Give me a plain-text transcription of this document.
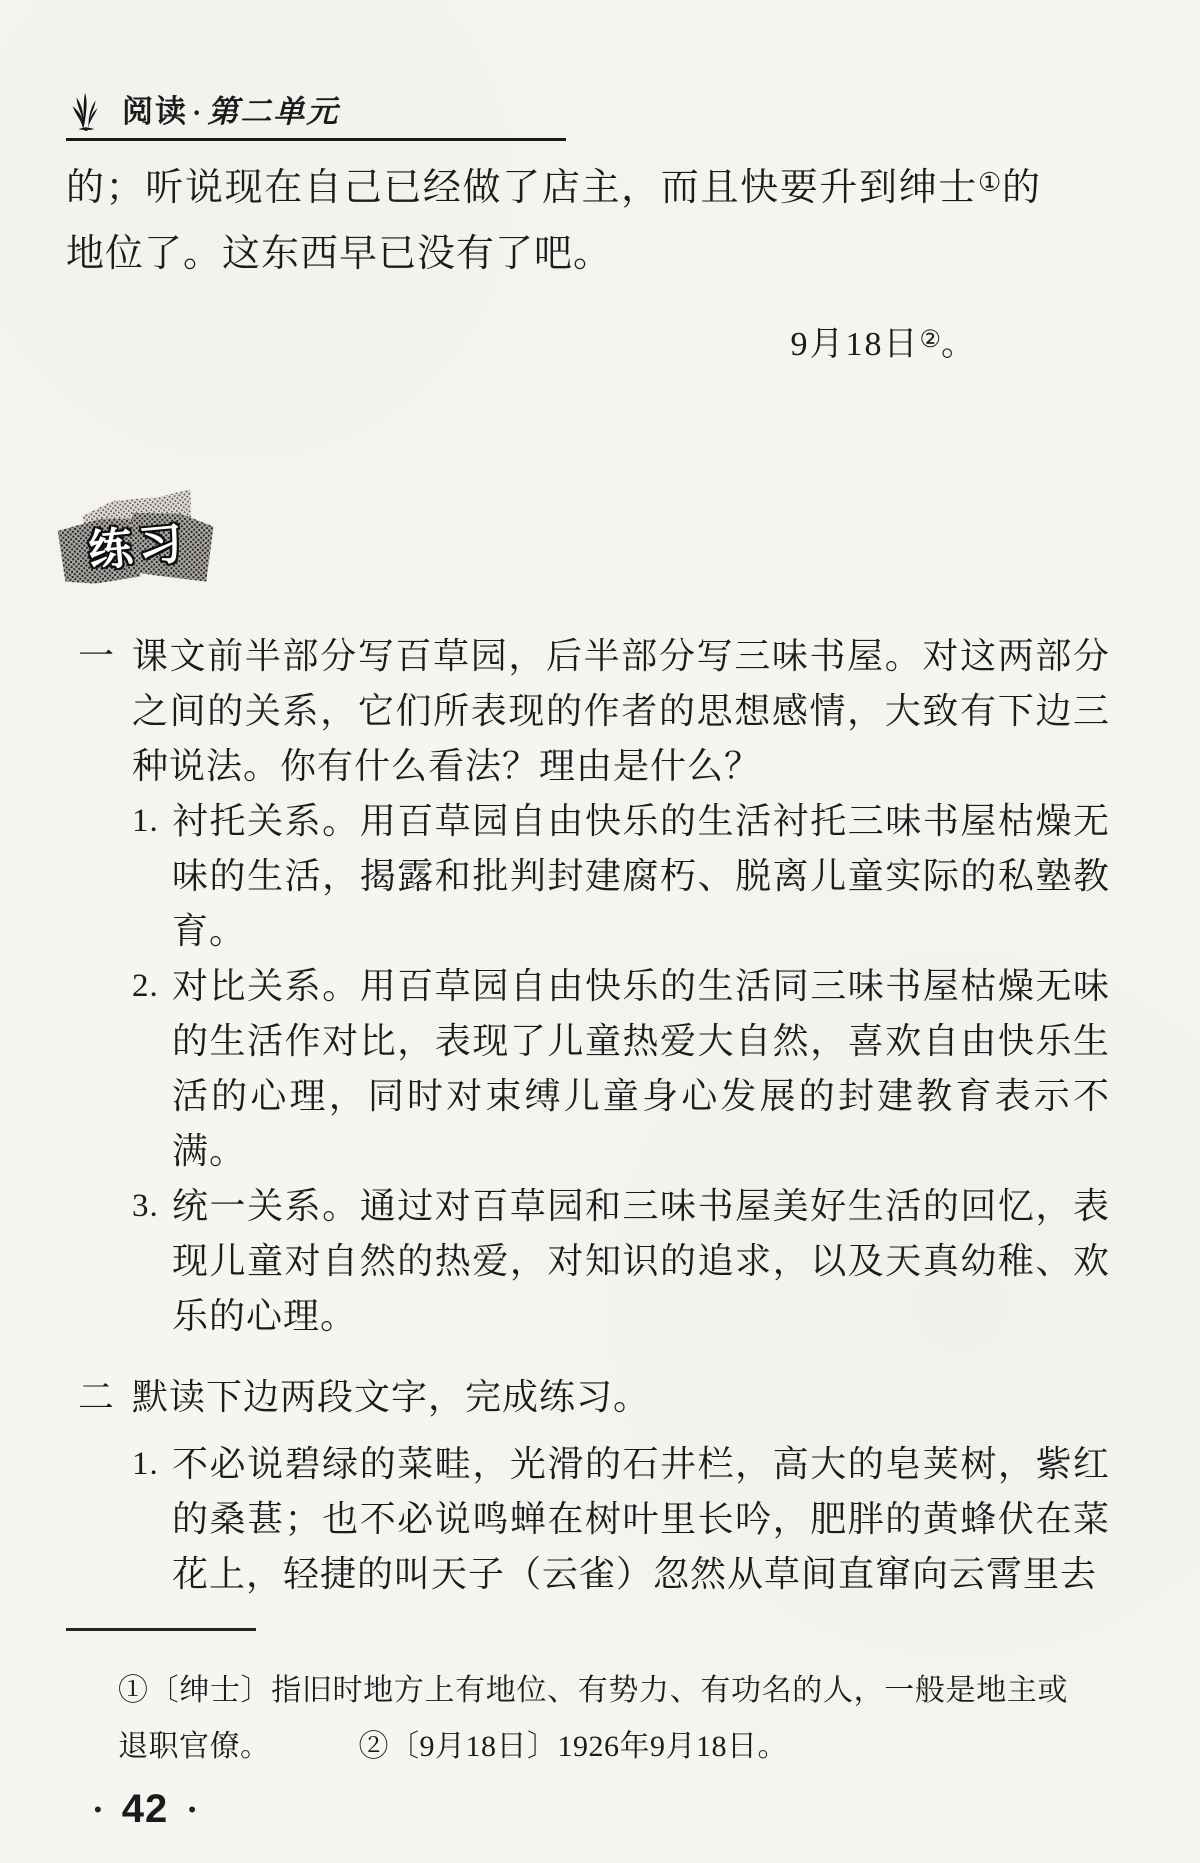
阅读 · 第二单元

的；听说现在自己已经做了店主，而且快要升到绅士①的地位了。这东西早已没有了吧。

9月18日②。

练习
一 课文前半部分写百草园，后半部分写三味书屋。对这两部分之间的关系，它们所表现的作者的思想感情，大致有下边三种说法。你有什么看法？理由是什么？

1. 衬托关系。用百草园自由快乐的生活衬托三味书屋枯燥无味的生活，揭露和批判封建腐朽、脱离儿童实际的私塾教育。

2. 对比关系。用百草园自由快乐的生活同三味书屋枯燥无味的生活作对比，表现了儿童热爱大自然，喜欢自由快乐生活的心理，同时对束缚儿童身心发展的封建教育表示不满。

3. 统一关系。通过对百草园和三味书屋美好生活的回忆，表现儿童对自然的热爱，对知识的追求，以及天真幼稚、欢乐的心理。

二 默读下边两段文字，完成练习。

1. 不必说碧绿的菜畦，光滑的石井栏，高大的皂荚树，紫红的桑葚；也不必说鸣蝉在树叶里长吟，肥胖的黄蜂伏在菜花上，轻捷的叫天子（云雀）忽然从草间直窜向云霄里去

①〔绅士〕指旧时地方上有地位、有势力、有功名的人，一般是地主或退职官僚。	②〔9月18日〕1926年9月18日。

• 42 •
